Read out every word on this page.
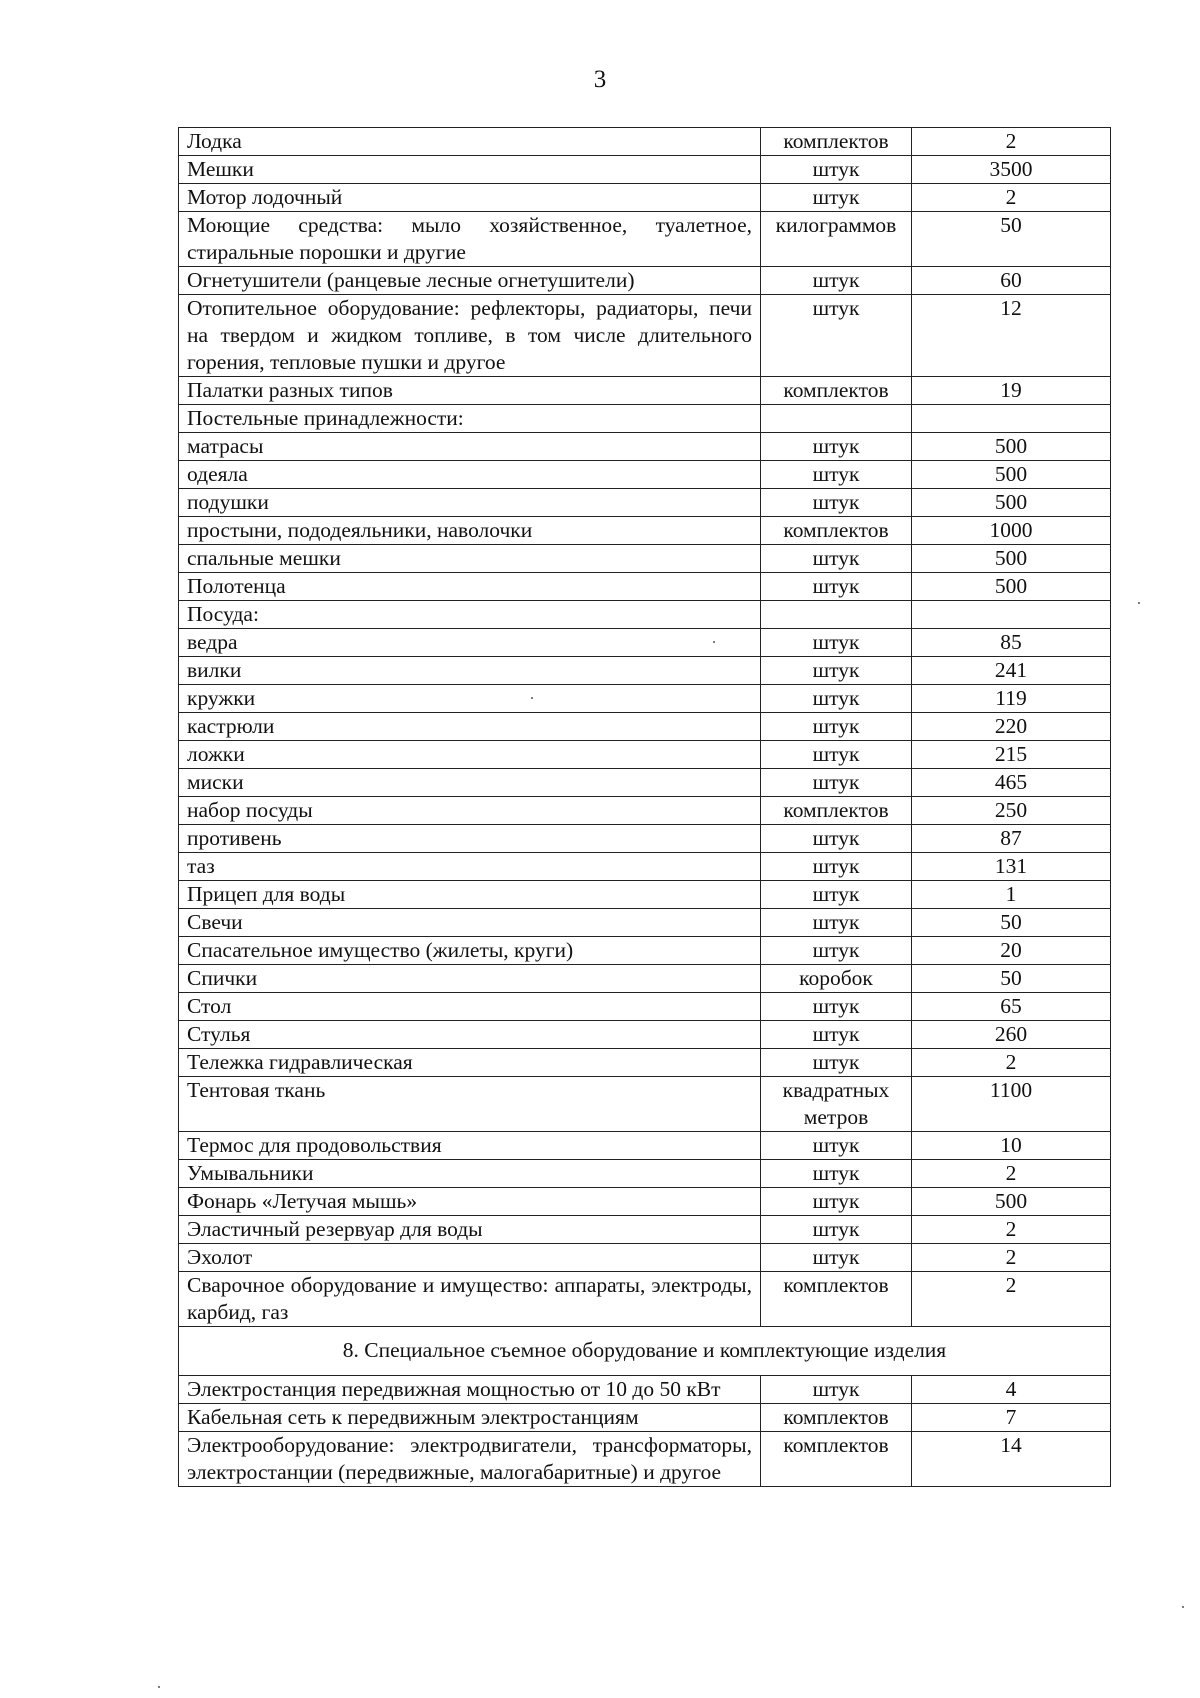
3
Лодка	комплектов	2
Мешки	штук	3500
Мотор лодочный	штук	2
Моющие средства: мыло хозяйственное, туалетное, стиральные порошки и другие	килограммов	50
Огнетушители (ранцевые лесные огнетушители)	штук	60
Отопительное оборудование: рефлекторы, радиаторы, печи на твердом и жидком топливе, в том числе длительного горения, тепловые пушки и другое	штук	12
Палатки разных типов	комплектов	19
Постельные принадлежности:		
матрасы	штук	500
одеяла	штук	500
подушки	штук	500
простыни, пододеяльники, наволочки	комплектов	1000
спальные мешки	штук	500
Полотенца	штук	500
Посуда:		
ведра	штук	85
вилки	штук	241
кружки	штук	119
кастрюли	штук	220
ложки	штук	215
миски	штук	465
набор посуды	комплектов	250
противень	штук	87
таз	штук	131
Прицеп для воды	штук	1
Свечи	штук	50
Спасательное имущество (жилеты, круги)	штук	20
Спички	коробок	50
Стол	штук	65
Стулья	штук	260
Тележка гидравлическая	штук	2
Тентовая ткань	квадратных метров	1100
Термос для продовольствия	штук	10
Умывальники	штук	2
Фонарь «Летучая мышь»	штук	500
Эластичный резервуар для воды	штук	2
Эхолот	штук	2
Сварочное оборудование и имущество: аппараты, электроды, карбид, газ	комплектов	2
8. Специальное съемное оборудование и комплектующие изделия		
Электростанция передвижная мощностью от 10 до 50 кВт	штук	4
Кабельная сеть к передвижным электростанциям	комплектов	7
Электрооборудование: электродвигатели, трансформаторы, электростанции (передвижные, малогабаритные) и другое	комплектов	14
